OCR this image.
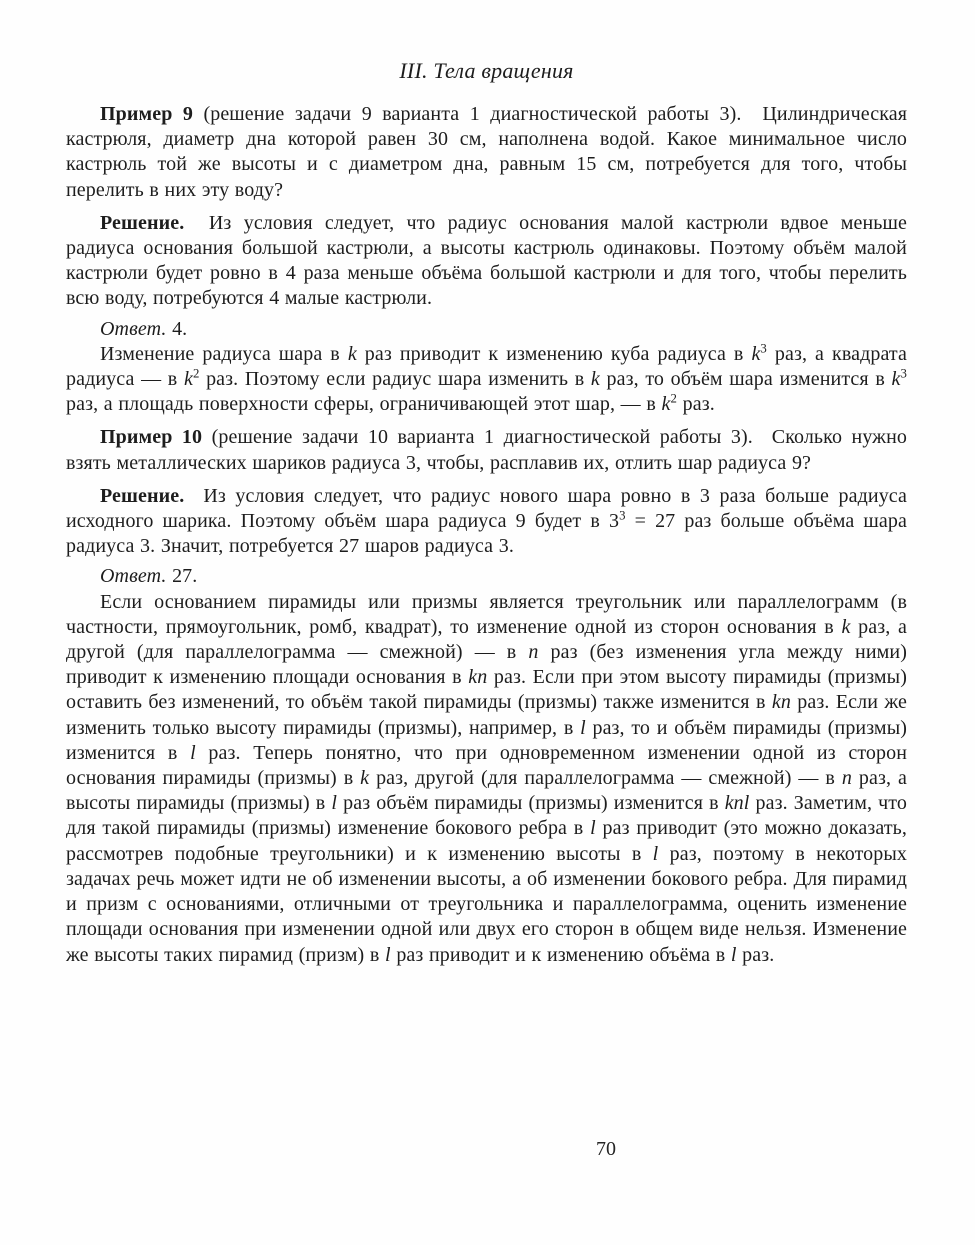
III. Тела вращения

Пример 9 (решение задачи 9 варианта 1 диагностической работы 3).  Цилиндрическая кастрюля, диаметр дна которой равен 30 см, наполнена водой. Какое минимальное число кастрюль той же высоты и с диаметром дна, равным 15 см, потребуется для того, чтобы перелить в них эту воду?

Решение.  Из условия следует, что радиус основания малой кастрюли вдвое меньше радиуса основания большой кастрюли, а высоты кастрюль одинаковы. Поэтому объём малой кастрюли будет ровно в 4 раза меньше объёма большой кастрюли и для того, чтобы перелить всю воду, потребуются 4 малые кастрюли.

Ответ. 4.

Изменение радиуса шара в k раз приводит к изменению куба радиуса в $k^3$ раз, а квадрата радиуса — в $k^2$ раз. Поэтому если радиус шара изменить в k раз, то объём шара изменится в $k^3$ раз, а площадь поверхности сферы, ограничивающей этот шар, — в $k^2$ раз.

Пример 10 (решение задачи 10 варианта 1 диагностической работы 3).  Сколько нужно взять металлических шариков радиуса 3, чтобы, расплавив их, отлить шар радиуса 9?

Решение.  Из условия следует, что радиус нового шара ровно в 3 раза больше радиуса исходного шарика. Поэтому объём шара радиуса 9 будет в $3^3 = 27$ раз больше объёма шара радиуса 3. Значит, потребуется 27 шаров радиуса 3.

Ответ. 27.

Если основанием пирамиды или призмы является треугольник или параллелограмм (в частности, прямоугольник, ромб, квадрат), то изменение одной из сторон основания в k раз, а другой (для параллелограмма — смежной) — в n раз (без изменения угла между ними) приводит к изменению площади основания в kn раз. Если при этом высоту пирамиды (призмы) оставить без изменений, то объём такой пирамиды (призмы) также изменится в kn раз. Если же изменить только высоту пирамиды (призмы), например, в l раз, то и объём пирамиды (призмы) изменится в l раз. Теперь понятно, что при одновременном изменении одной из сторон основания пирамиды (призмы) в k раз, другой (для параллелограмма — смежной) — в n раз, а высоты пирамиды (призмы) в l раз объём пирамиды (призмы) изменится в knl раз. Заметим, что для такой пирамиды (призмы) изменение бокового ребра в l раз приводит (это можно доказать, рассмотрев подобные треугольники) и к изменению высоты в l раз, поэтому в некоторых задачах речь может идти не об изменении высоты, а об изменении бокового ребра. Для пирамид и призм с основаниями, отличными от треугольника и параллелограмма, оценить изменение площади основания при изменении одной или двух его сторон в общем виде нельзя. Изменение же высоты таких пирамид (призм) в l раз приводит и к изменению объёма в l раз.

70
